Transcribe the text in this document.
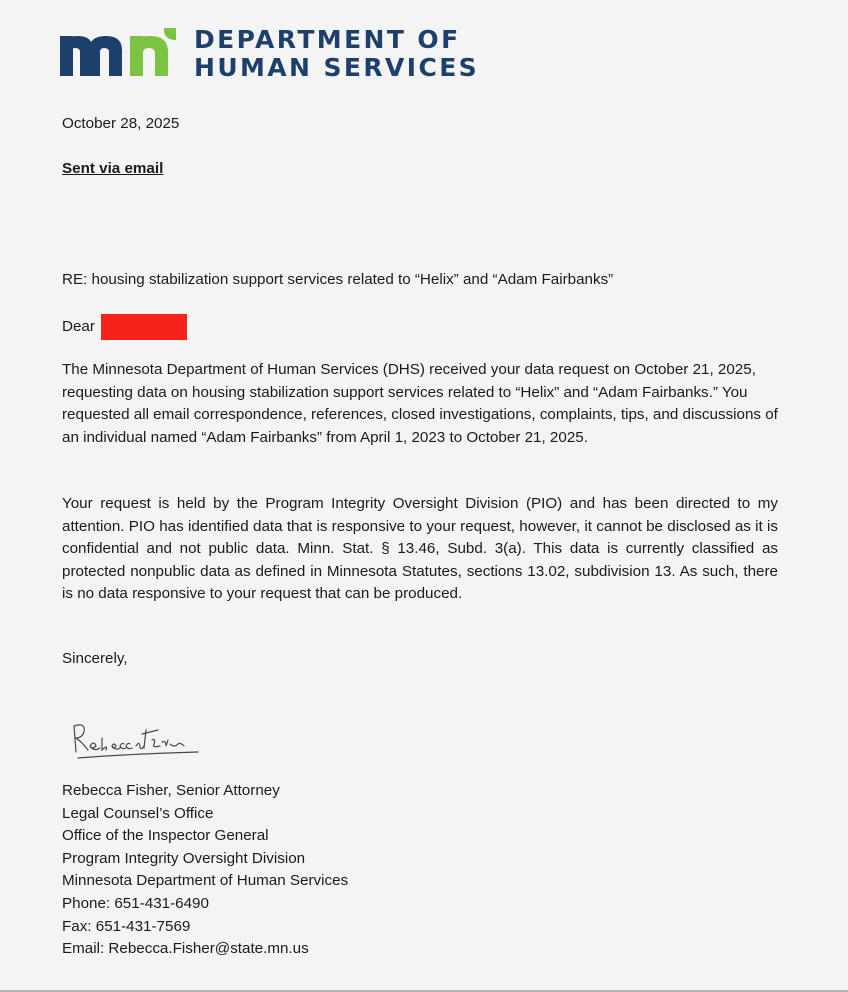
DEPARTMENT OF
HUMAN SERVICES
October 28, 2025
Sent via email
RE: housing stabilization support services related to “Helix” and “Adam Fairbanks”
Dear
The Minnesota Department of Human Services (DHS) received your data request on October 21, 2025, requesting data on housing stabilization support services related to “Helix” and “Adam Fairbanks.” You requested all email correspondence, references, closed investigations, complaints, tips, and discussions of an individual named “Adam Fairbanks” from April 1, 2023 to October 21, 2025.
Your request is held by the Program Integrity Oversight Division (PIO) and has been directed to my attention. PIO has identified data that is responsive to your request, however, it cannot be disclosed as it is confidential and not public data. Minn. Stat. § 13.46, Subd. 3(a). This data is currently classified as protected nonpublic data as defined in Minnesota Statutes, sections 13.02, subdivision 13. As such, there is no data responsive to your request that can be produced.
Sincerely,
Rebecca Fisher, Senior Attorney
Legal Counsel’s Office
Office of the Inspector General
Program Integrity Oversight Division
Minnesota Department of Human Services
Phone: 651-431-6490
Fax: 651-431-7569
Email: Rebecca.Fisher@state.mn.us
